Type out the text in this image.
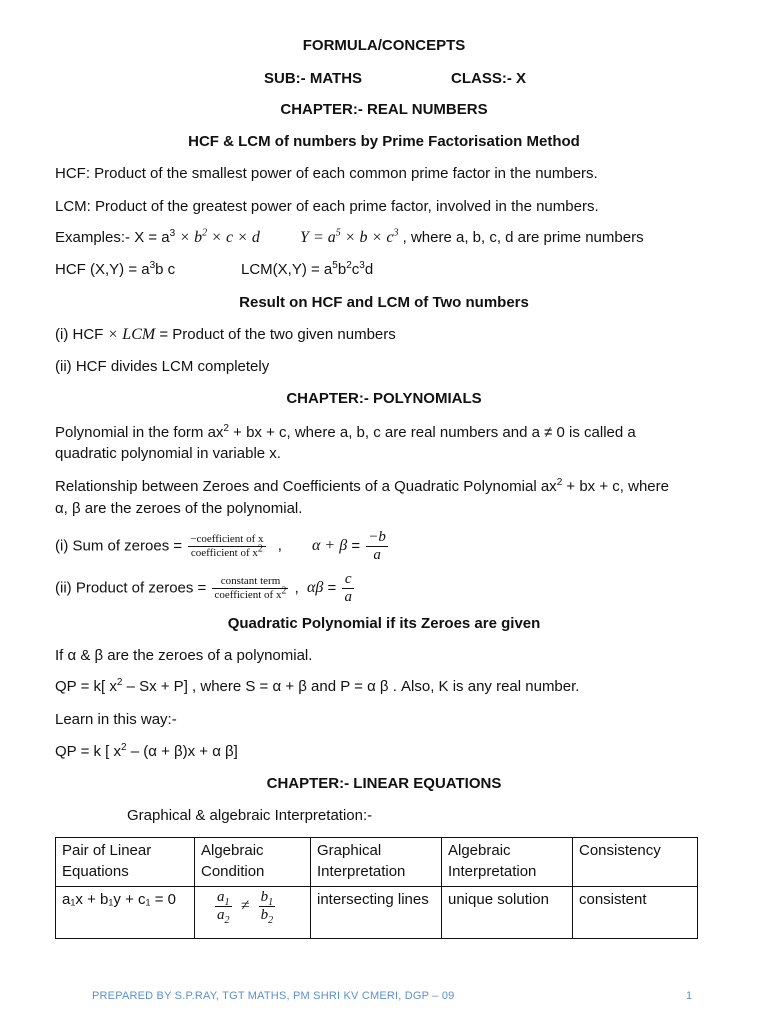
FORMULA/CONCEPTS
SUB:- MATHS	CLASS:- X
CHAPTER:- REAL NUMBERS
HCF & LCM of numbers by Prime Factorisation Method
HCF: Product of the smallest power of each common prime factor in the numbers.
LCM: Product of the greatest power of each prime factor, involved in the numbers.
Examples:- $X = a^3 \times b^2 \times c \times d$	$Y = a^5 \times b \times c^3$ , where a, b, c, d are prime numbers
HCF $(X,Y) = a^3b$ c	$LCM(X,Y) = a^5b^2c^3d$
Result on HCF and LCM of Two numbers
(i) HCF × LCM = Product of the two given numbers
(ii) HCF divides LCM completely
CHAPTER:- POLYNOMIALS
Polynomial in the form $ax^2$ + bx + c, where a, b, c are real numbers and a ≠ 0 is called a
quadratic polynomial in variable x.
Relationship between Zeroes and Coefficients of a Quadratic Polynomial $ax^2$ + bx + c, where
α, β are the zeroes of the polynomial.
(i) Sum of zeroes = $\frac{\text{−coefficient of x}}{coefficient of x^2}$ , $\alpha + \beta = \frac{-b}{a}$
(ii) Product of zeroes = $\frac{\text{constant term}}{coefficient of x^2}$ , $\alpha\beta = \frac{c}{a}$
Quadratic Polynomial if its Zeroes are given
If α & β are the zeroes of a polynomial.
QP = k[ $x^2 - Sx + P$] , where S = α + β and P = α β . Also, K is any real number.
Learn in this way:-
QP = k [ $x^2 - (\alpha + \beta)x + \alpha$ β]
CHAPTER:- LINEAR EQUATIONS
Graphical & algebraic Interpretation:-
Pair of Linear Equations	Algebraic Condition	Graphical Interpretation	Algebraic Interpretation	Consistency
a₁x + b₁y + c₁ = 0	$\frac{a_1}{a_2} \ne \frac{b_1}{b_2}$	intersecting lines	unique solution	consistent
PREPARED BY S.P.RAY, TGT MATHS, PM SHRI KV CMERI, DGP – 09	1
